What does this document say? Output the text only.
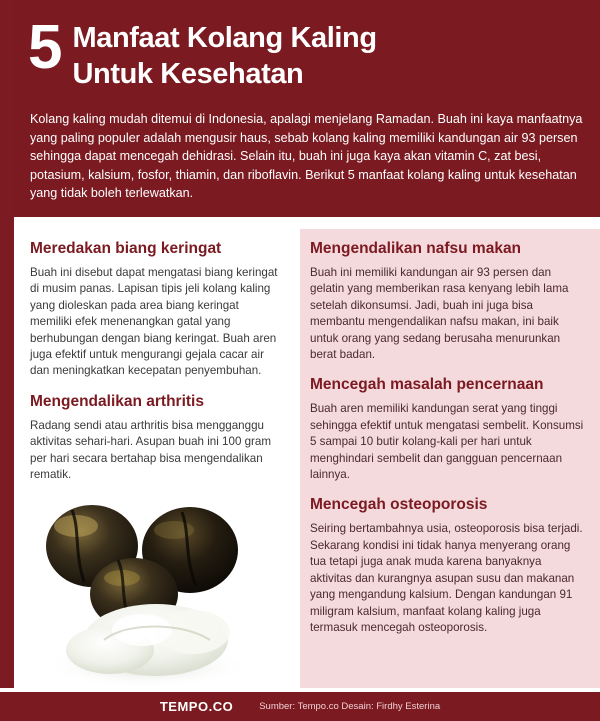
5 Manfaat Kolang Kaling
Untuk Kesehatan
Kolang kaling mudah ditemui di Indonesia, apalagi menjelang Ramadan. Buah ini kaya manfaatnya yang paling populer adalah mengusir haus, sebab kolang kaling memiliki kandungan air 93 persen sehingga dapat mencegah dehidrasi. Selain itu, buah ini juga kaya akan vitamin C, zat besi, potasium, kalsium, fosfor, thiamin, dan riboflavin. Berikut 5 manfaat kolang kaling untuk kesehatan yang tidak boleh terlewatkan.
Meredakan biang keringat

Buah ini disebut dapat mengatasi biang keringat di musim panas. Lapisan tipis jeli kolang kaling yang dioleskan pada area biang keringat memiliki efek menenangkan gatal yang berhubungan dengan biang keringat. Buah aren juga efektif untuk mengurangi gejala cacar air dan meningkatkan kecepatan penyembuhan.

Mengendalikan arthritis

Radang sendi atau arthritis bisa mengganggu aktivitas sehari-hari. Asupan buah ini 100 gram per hari secara bertahap bisa mengendalikan rematik.

Mengendalikan nafsu makan

Buah ini memiliki kandungan air 93 persen dan gelatin yang memberikan rasa kenyang lebih lama setelah dikonsumsi. Jadi, buah ini juga bisa membantu mengendalikan nafsu makan, ini baik untuk orang yang sedang berusaha menurunkan berat badan.

Mencegah masalah pencernaan

Buah aren memiliki kandungan serat yang tinggi sehingga efektif untuk mengatasi sembelit. Konsumsi 5 sampai 10 butir kolang-kali per hari untuk menghindari sembelit dan gangguan pencernaan lainnya.

Mencegah osteoporosis

Seiring bertambahnya usia, osteoporosis bisa terjadi. Sekarang kondisi ini tidak hanya menyerang orang tua tetapi juga anak muda karena banyaknya aktivitas dan kurangnya asupan susu dan makanan yang mengandung kalsium. Dengan kandungan 91 miligram kalsium, manfaat kolang kaling juga termasuk mencegah osteoporosis.

TEMPO.CO	Sumber: Tempo.co Desain: Firdhy Esterina
